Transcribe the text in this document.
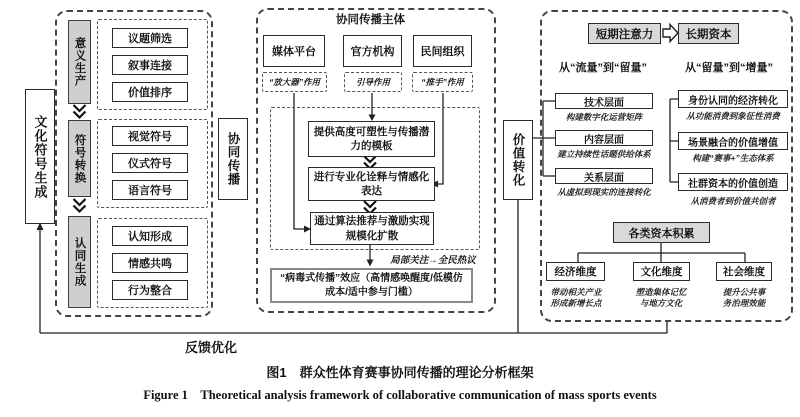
文化符号生成
意义生产	议题筛选
叙事连接
价值排序
符号转换	视觉符号
仪式符号
语言符号
认同生成	认知形成
情感共鸣
行为整合
协同传播
协同传播主体
媒体平台
“放大器”作用
官方机构
引导作用
民间组织
“推手”作用
提供高度可塑性与传播潜力的模板
进行专业化诠释与情感化表达
通过算法推荐与激励实现规模化扩散
局部关注→全民热议
“病毒式传播”效应（高情感唤醒度/低模仿成本/适中参与门槛）
价值转化
短期注意力	长期资本
从“流量”到“留量”	从“留量”到“增量”
技术层面
构建数字化运营矩阵
内容层面
建立持续性话题供给体系
关系层面
从虚拟到现实的连接转化
身份认同的经济转化
从功能消费到象征性消费
场景融合的价值增值
构建“赛事+”生态体系
社群资本的价值创造
从消费者到价值共创者
各类资本积累
经济维度
带动相关产业
形成新增长点
文化维度
塑造集体记忆
与地方文化
社会维度
提升公共事
务治理效能
反馈优化
图1　群众性体育赛事协同传播的理论分析框架
Figure 1　Theoretical analysis framework of collaborative communication of mass sports events
